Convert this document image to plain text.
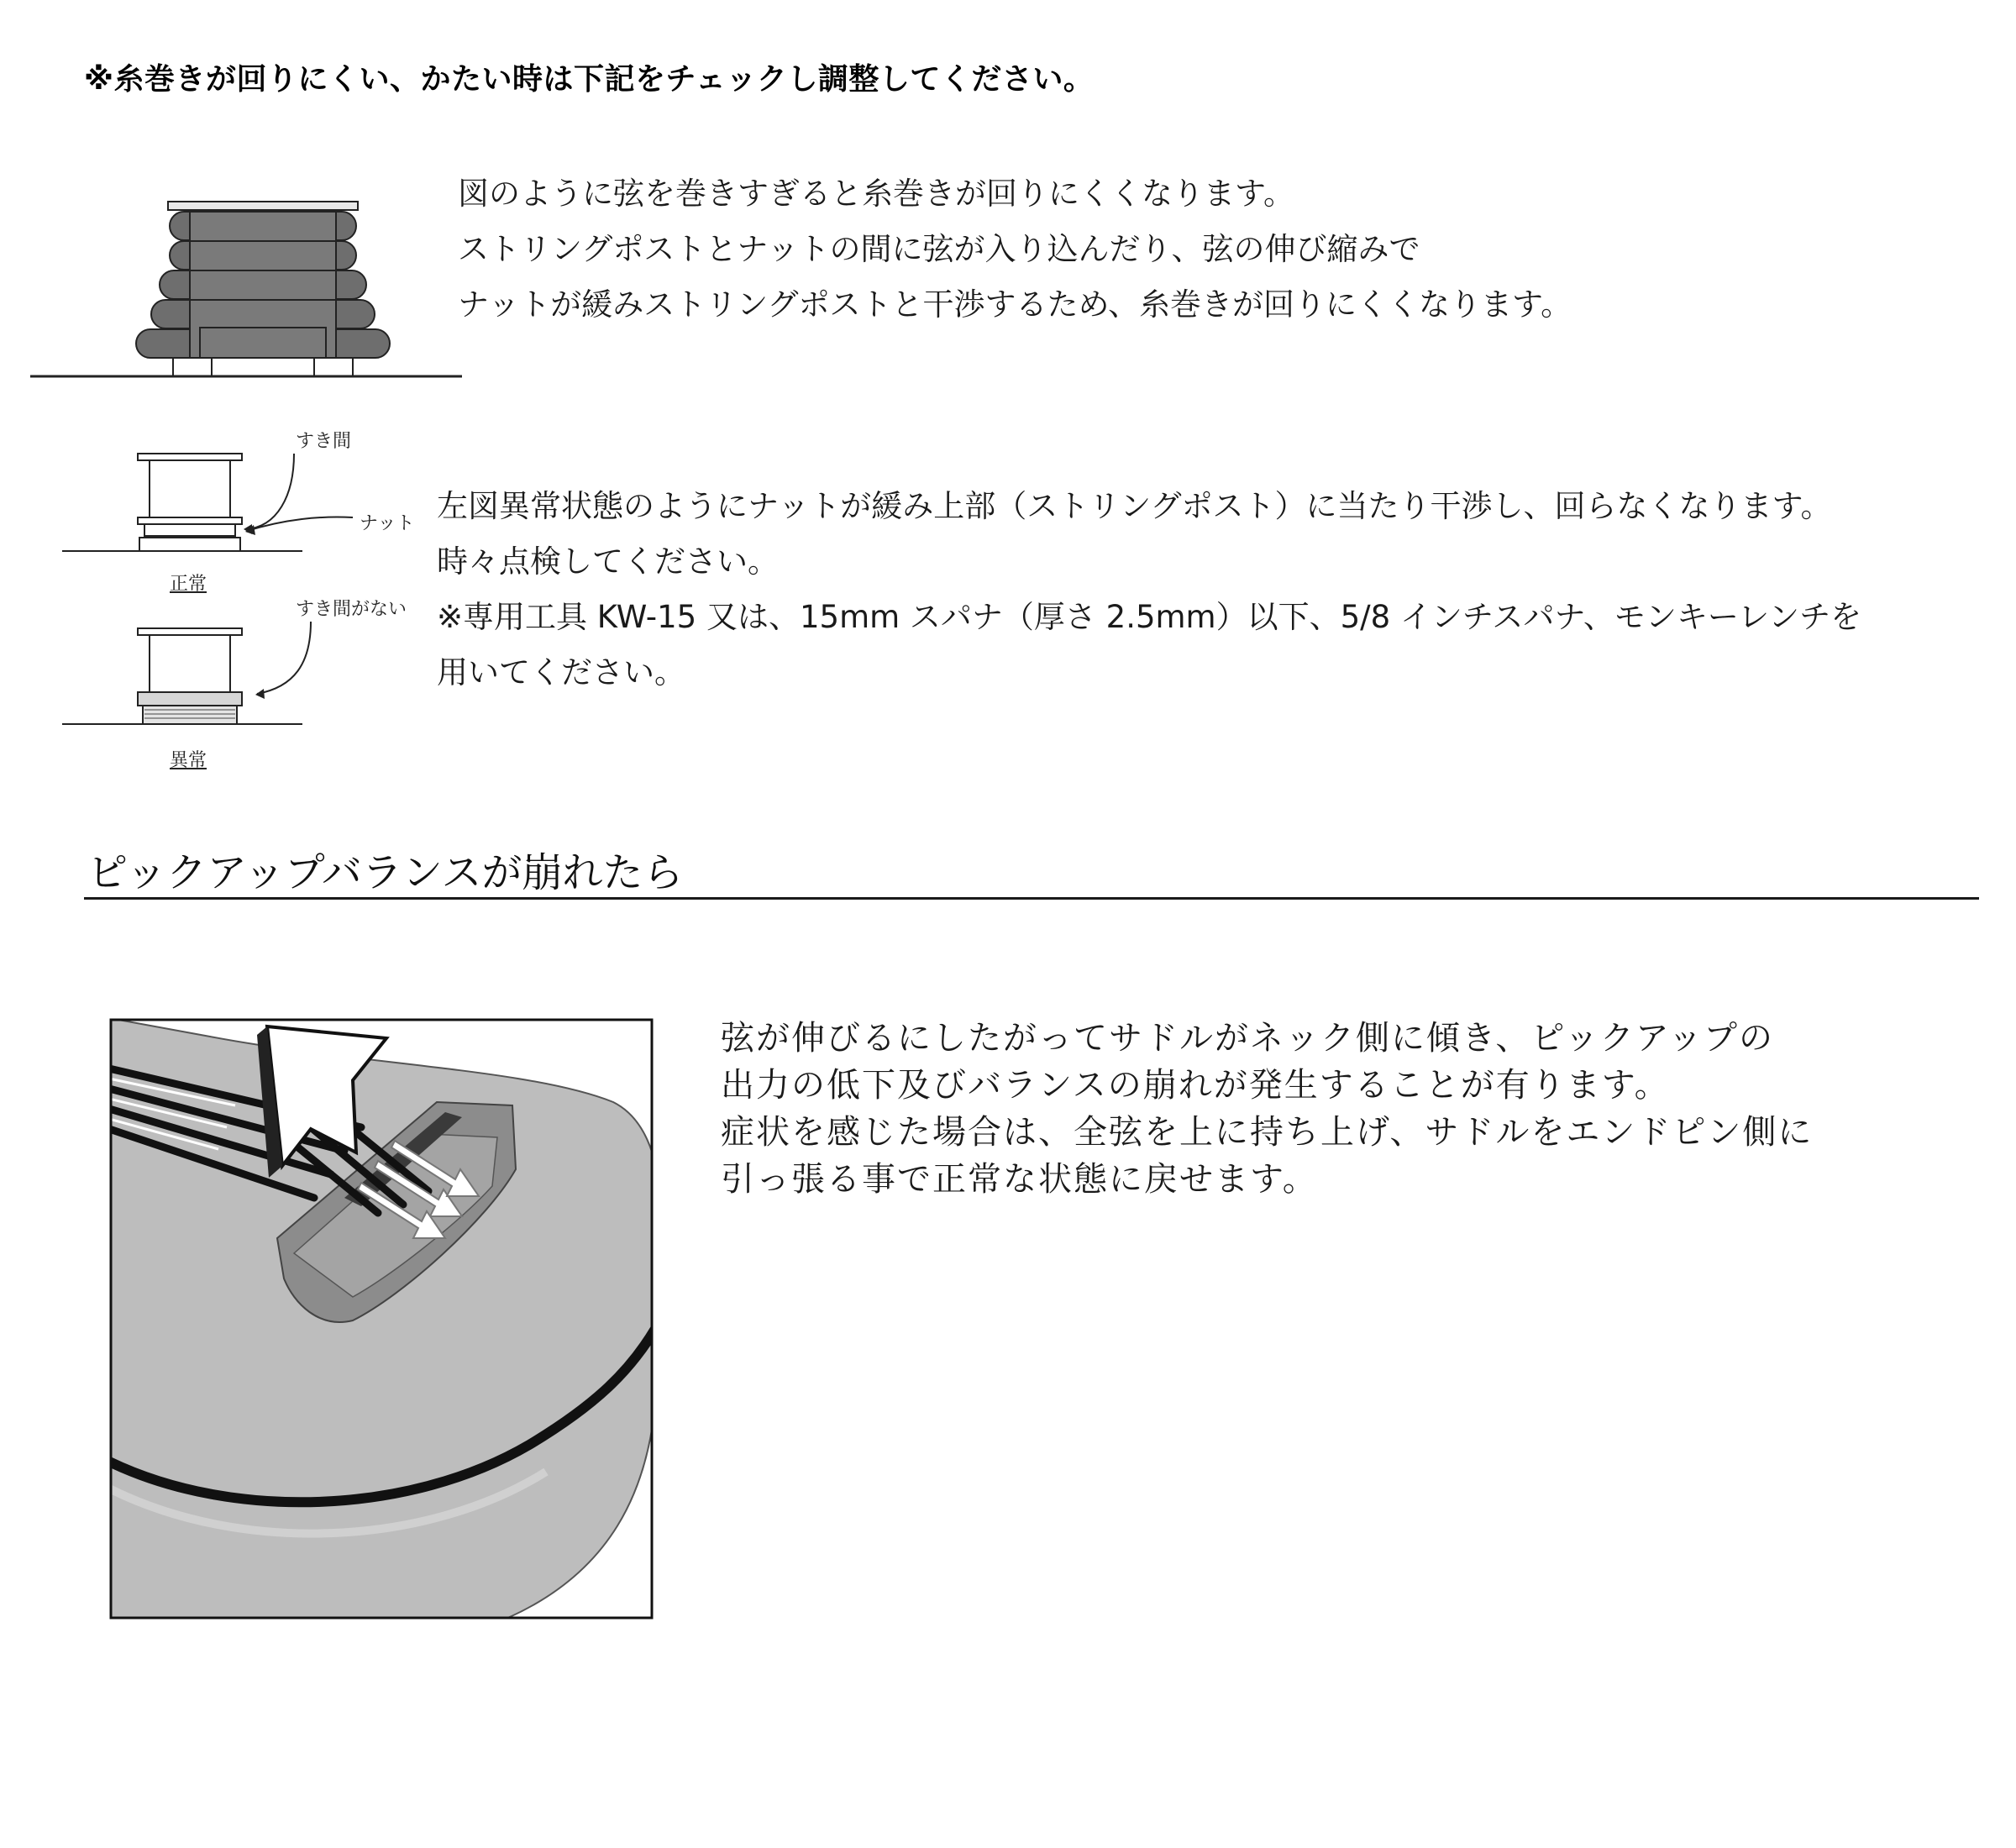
※糸巻きが回りにくい、かたい時は下記をチェックし調整してください。
図のように弦を巻きすぎると糸巻きが回りにくくなります。
ストリングポストとナットの間に弦が入り込んだり、弦の伸び縮みで
ナットが緩みストリングポストと干渉するため、糸巻きが回りにくくなります。
すき間
ナット
正常
すき間がない
異常
左図異常状態のようにナットが緩み上部（ストリングポスト）に当たり干渉し、回らなくなります。
時々点検してください。
※専用工具 KW-15 又は、15mm スパナ（厚さ 2.5mm）以下、5/8 インチスパナ、モンキーレンチを
用いてください。
ピックアップバランスが崩れたら
弦が伸びるにしたがってサドルがネック側に傾き、ピックアップの
出力の低下及びバランスの崩れが発生することが有ります。
症状を感じた場合は、全弦を上に持ち上げ、サドルをエンドピン側に
引っ張る事で正常な状態に戻せます。
